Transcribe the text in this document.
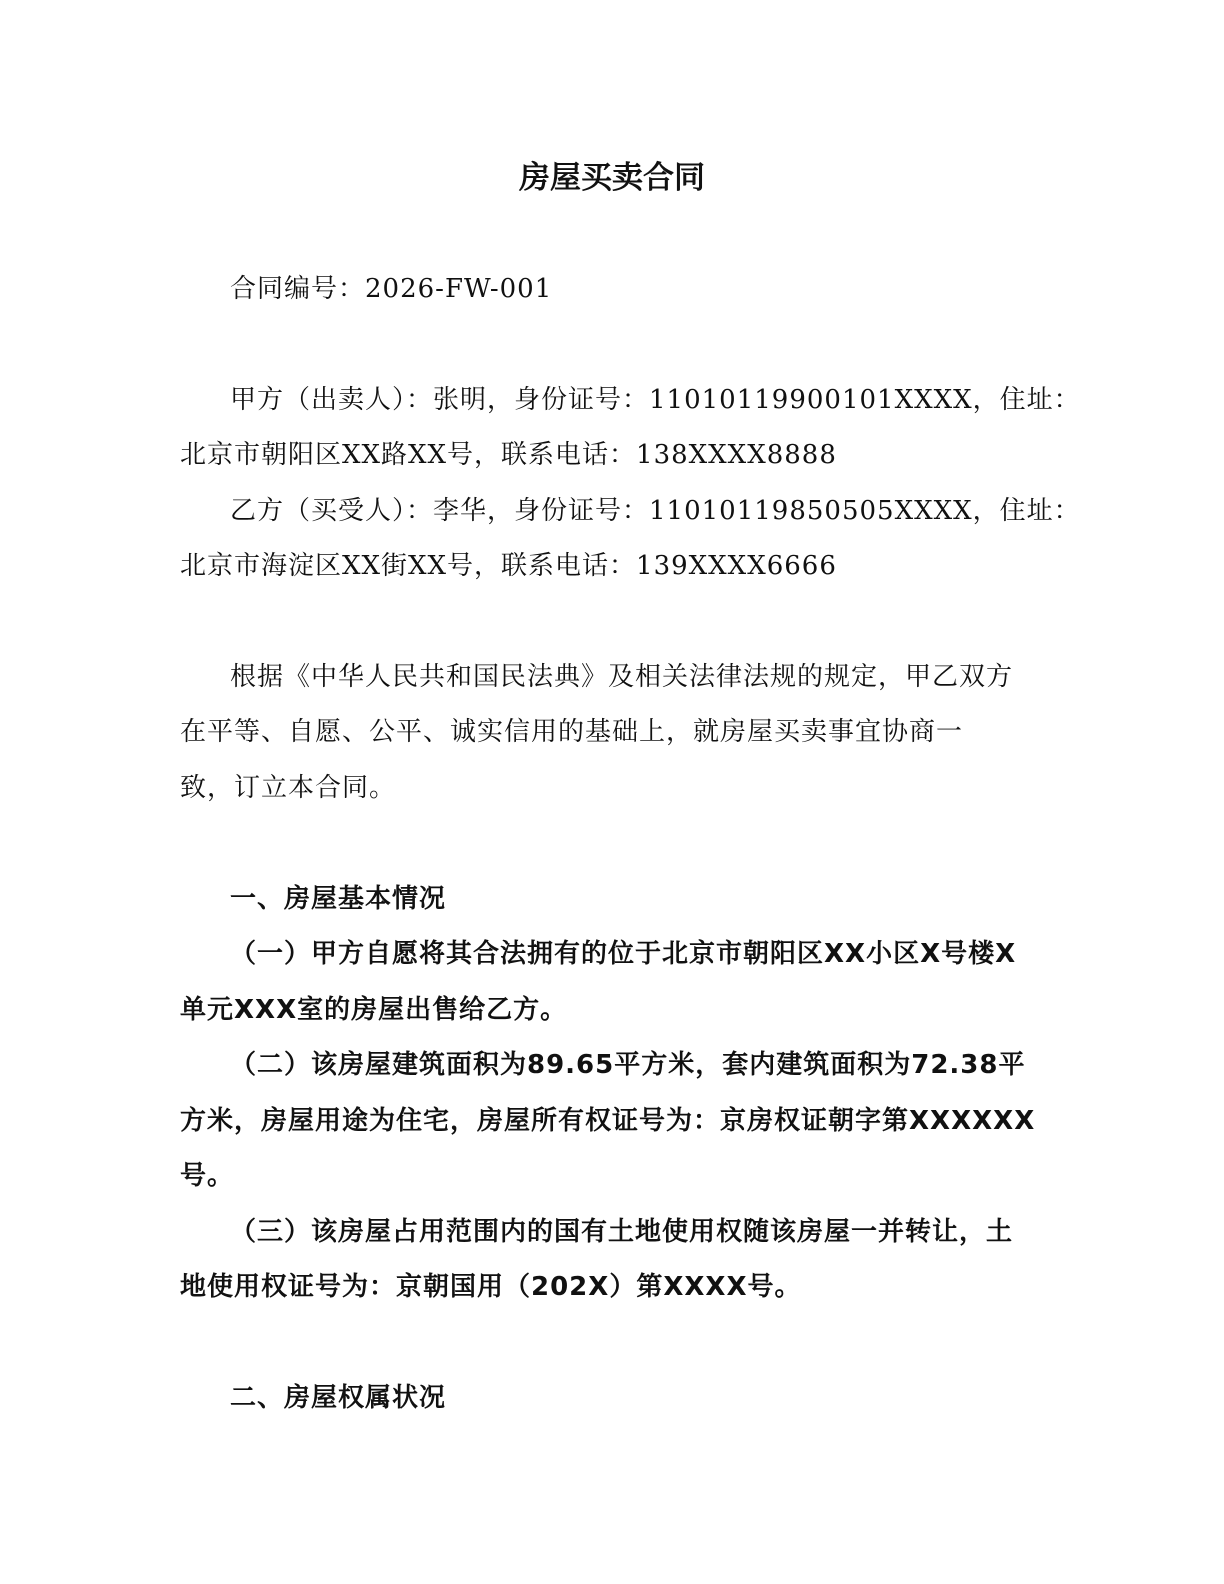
房屋买卖合同
合同编号：2026-FW-001
甲方（出卖人）：张明，身份证号：11010119900101XXXX，住址：
北京市朝阳区XX路XX号，联系电话：138XXXX8888
乙方（买受人）：李华，身份证号：11010119850505XXXX，住址：
北京市海淀区XX街XX号，联系电话：139XXXX6666
根据《中华人民共和国民法典》及相关法律法规的规定，甲乙双方
在平等、自愿、公平、诚实信用的基础上，就房屋买卖事宜协商一
致，订立本合同。
一、房屋基本情况
（一）甲方自愿将其合法拥有的位于北京市朝阳区XX小区X号楼X
单元XXX室的房屋出售给乙方。
（二）该房屋建筑面积为89.65平方米，套内建筑面积为72.38平
方米，房屋用途为住宅，房屋所有权证号为：京房权证朝字第XXXXXX
号。
（三）该房屋占用范围内的国有土地使用权随该房屋一并转让，土
地使用权证号为：京朝国用（202X）第XXXX号。
二、房屋权属状况
